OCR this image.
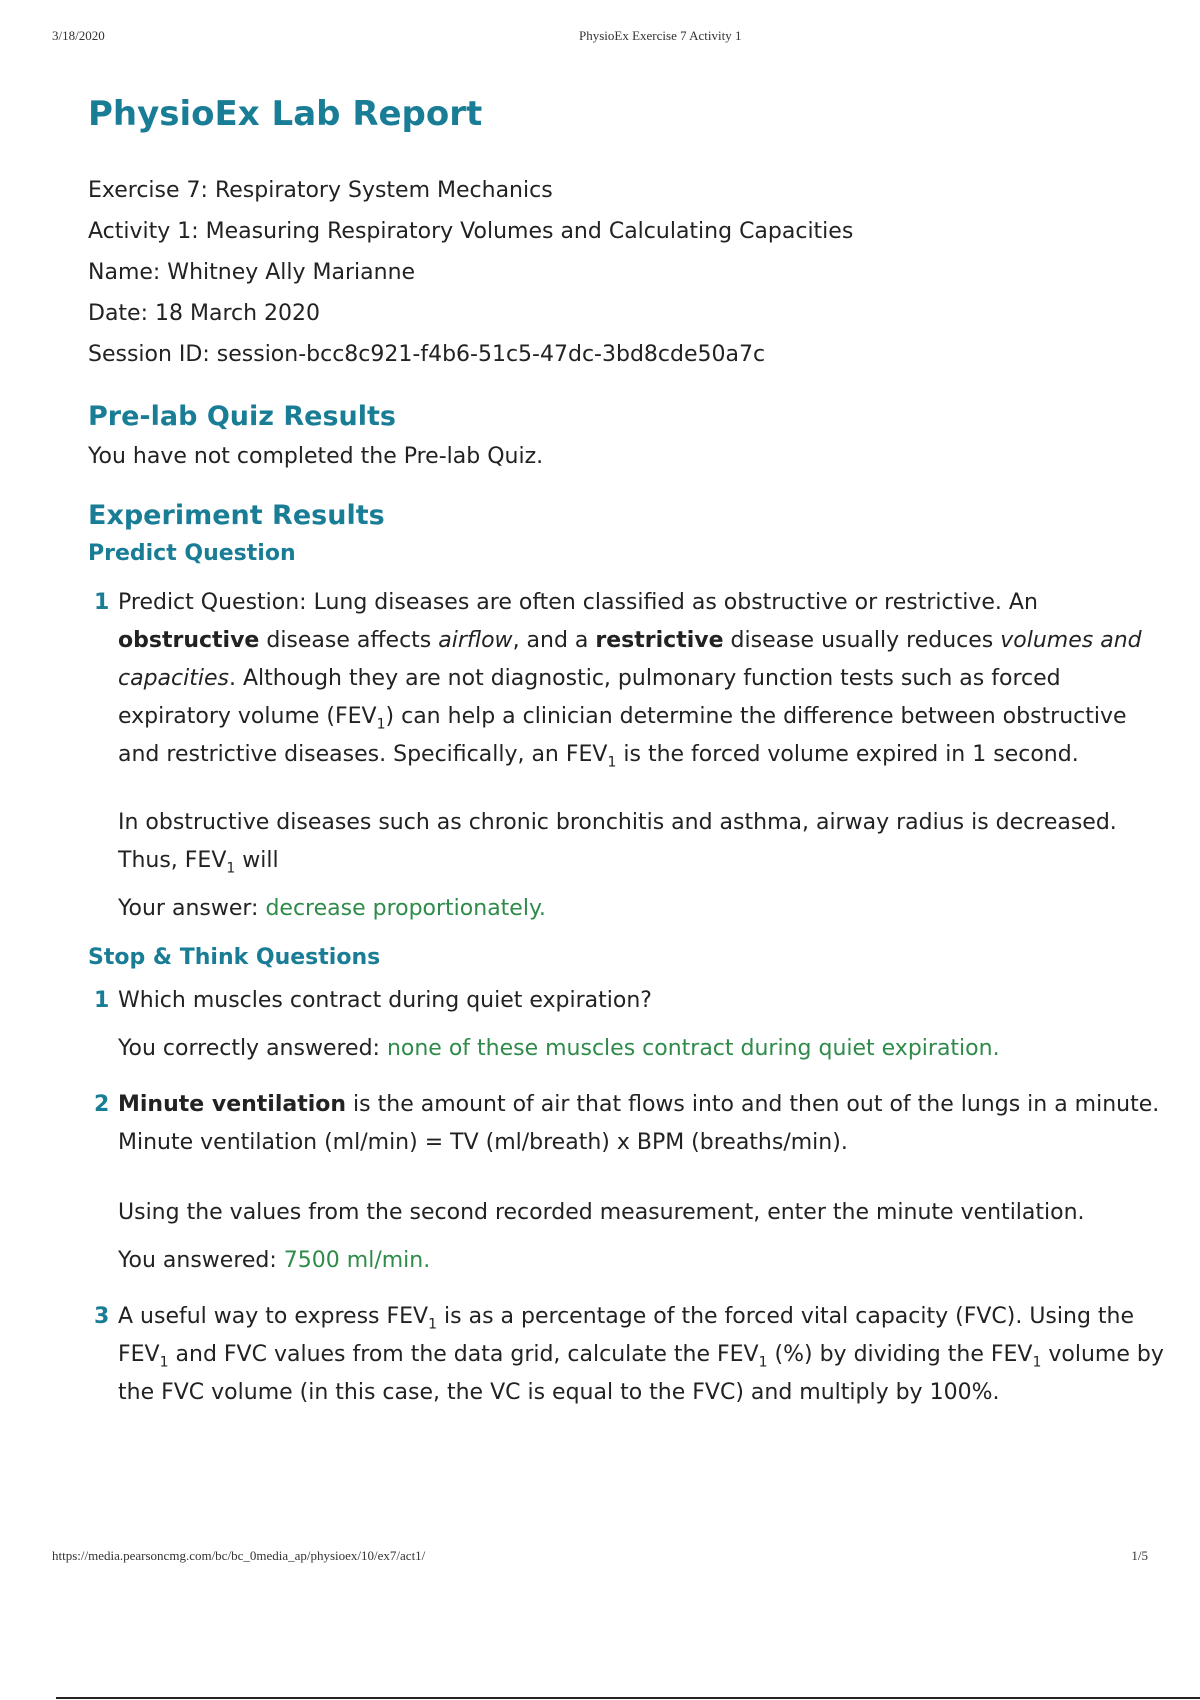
3/18/2020	PhysioEx Exercise 7 Activity 1
PhysioEx Lab Report

Exercise 7: Respiratory System Mechanics

Activity 1: Measuring Respiratory Volumes and Calculating Capacities

Name: Whitney Ally Marianne

Date: 18 March 2020

Session ID: session-bcc8c921-f4b6-51c5-47dc-3bd8cde50a7c

Pre-lab Quiz Results

You have not completed the Pre-lab Quiz.

Experiment Results
Predict Question
1 Predict Question: Lung diseases are often classified as obstructive or restrictive. An obstructive disease affects airflow, and a restrictive disease usually reduces volumes and capacities. Although they are not diagnostic, pulmonary function tests such as forced expiratory volume $(FEV_1)$ can help a clinician determine the difference between obstructive and restrictive diseases. Specifically, an $FEV_1$ is the forced volume expired in 1 second.

In obstructive diseases such as chronic bronchitis and asthma, airway radius is decreased. Thus, $FEV_1$ will

Your answer: decrease proportionately.

Stop & Think Questions
1 Which muscles contract during quiet expiration?

You correctly answered: none of these muscles contract during quiet expiration.

2 Minute ventilation is the amount of air that flows into and then out of the lungs in a minute. Minute ventilation (ml/min) = TV (ml/breath) x BPM (breaths/min).

Using the values from the second recorded measurement, enter the minute ventilation.

You answered: 7500 ml/min.

3 A useful way to express $FEV_1$ is as a percentage of the forced vital capacity (FVC). Using the $FEV_1$ and FVC values from the data grid, calculate the $FEV_1$ (%) by dividing the $FEV_1$ volume by the FVC volume (in this case, the VC is equal to the FVC) and multiply by 100%.

https://media.pearsoncmg.com/bc/bc_0media_ap/physioex/10/ex7/act1/	1/5
